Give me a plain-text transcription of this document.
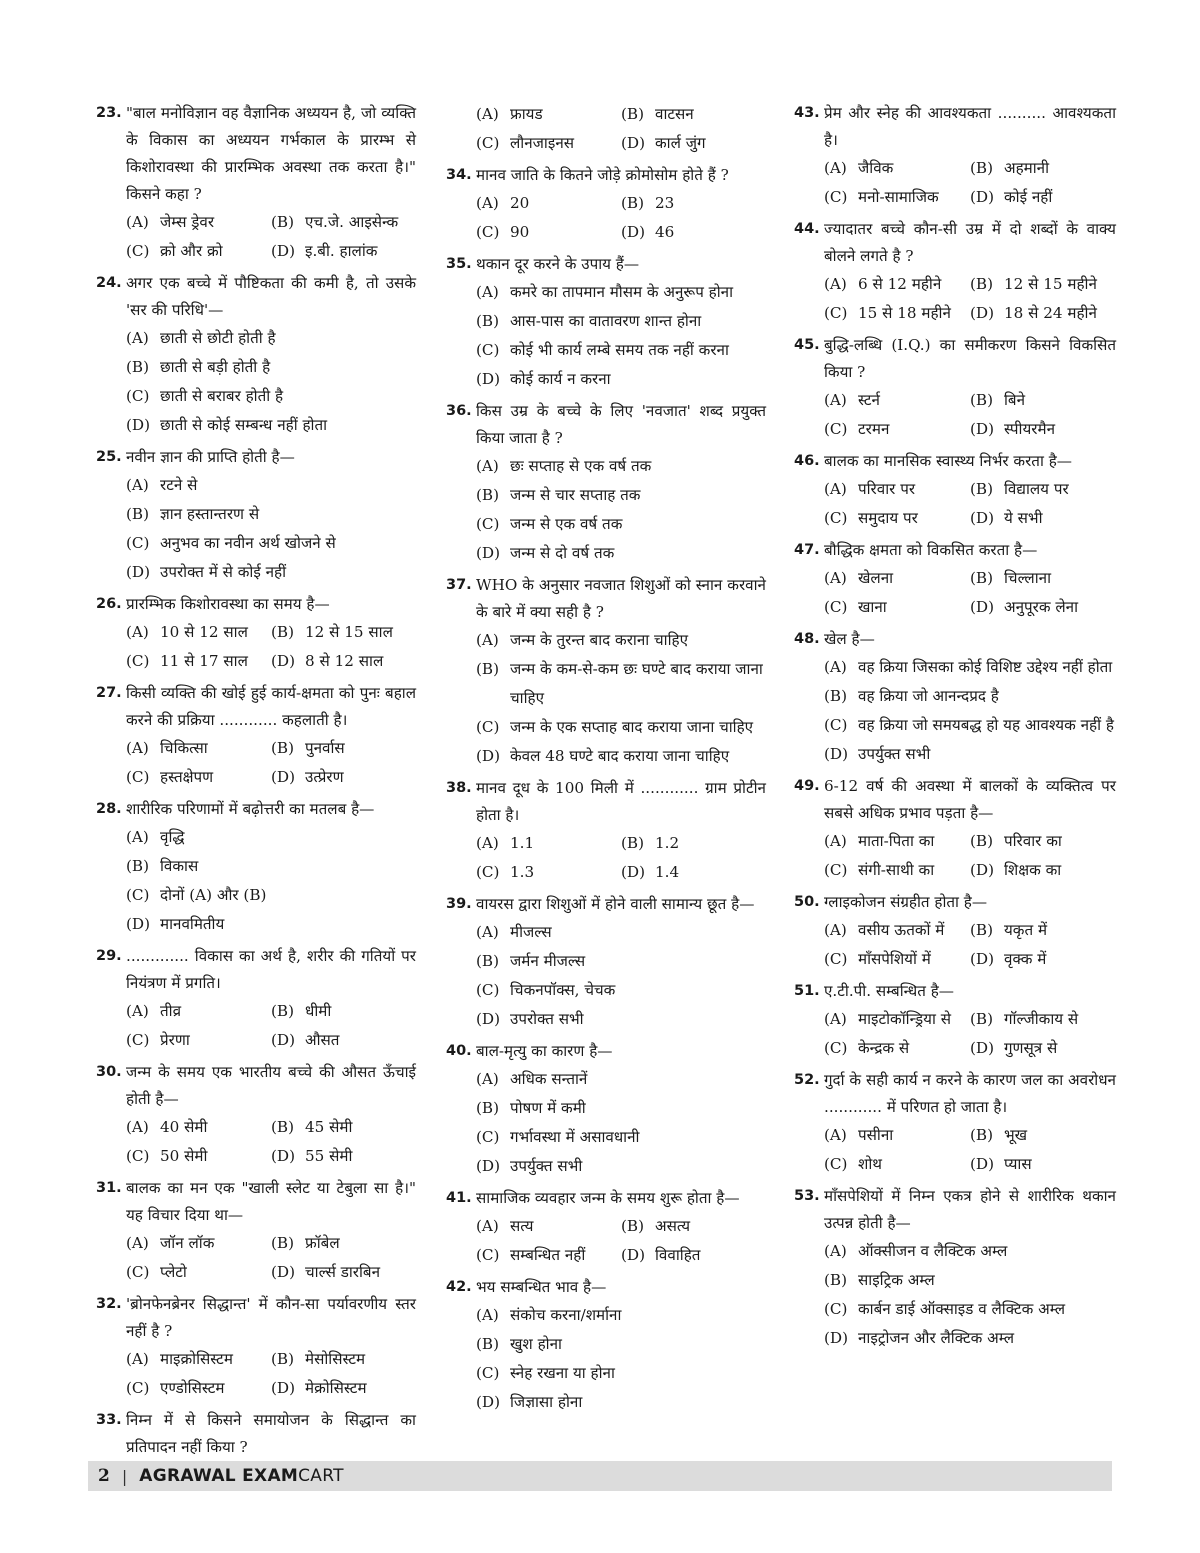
23. "बाल मनोविज्ञान वह वैज्ञानिक अध्ययन है, जो व्यक्ति के विकास का अध्ययन गर्भकाल के प्रारम्भ से किशोरावस्था की प्रारम्भिक अवस्था तक करता है।" किसने कहा ?
(A) जेम्स ड्रेवर	(B) एच.जे. आइसेन्क
(C) क्रो और क्रो	(D) इ.बी. हालांक
24. अगर एक बच्चे में पौष्टिकता की कमी है, तो उसके 'सर की परिधि'—
(A) छाती से छोटी होती है
(B) छाती से बड़ी होती है
(C) छाती से बराबर होती है
(D) छाती से कोई सम्बन्ध नहीं होता
25. नवीन ज्ञान की प्राप्ति होती है—
(A) रटने से
(B) ज्ञान हस्तान्तरण से
(C) अनुभव का नवीन अर्थ खोजने से
(D) उपरोक्त में से कोई नहीं
26. प्रारम्भिक किशोरावस्था का समय है—
(A) 10 से 12 साल	(B) 12 से 15 साल
(C) 11 से 17 साल	(D) 8 से 12 साल
27. किसी व्यक्ति की खोई हुई कार्य-क्षमता को पुनः बहाल करने की प्रक्रिया ............ कहलाती है।
(A) चिकित्सा	(B) पुनर्वास
(C) हस्तक्षेपण	(D) उत्प्रेरण
28. शारीरिक परिणामों में बढ़ोत्तरी का मतलब है—
(A) वृद्धि
(B) विकास
(C) दोनों (A) और (B)
(D) मानवमितीय
29. ............. विकास का अर्थ है, शरीर की गतियों पर नियंत्रण में प्रगति।
(A) तीव्र	(B) धीमी
(C) प्रेरणा	(D) औसत
30. जन्म के समय एक भारतीय बच्चे की औसत ऊँचाई होती है—
(A) 40 सेमी	(B) 45 सेमी
(C) 50 सेमी	(D) 55 सेमी
31. बालक का मन एक "खाली स्लेट या टेबुला सा है।" यह विचार दिया था—
(A) जॉन लॉक	(B) फ्रॉबेल
(C) प्लेटो	(D) चार्ल्स डारबिन
32. 'ब्रोनफेनब्रेनर सिद्धान्त' में कौन-सा पर्यावरणीय स्तर नहीं है ?
(A) माइक्रोसिस्टम	(B) मेसोसिस्टम
(C) एण्डोसिस्टम	(D) मेक्रोसिस्टम
33. निम्न में से किसने समायोजन के सिद्धान्त का प्रतिपादन नहीं किया ?
(A) फ्रायड	(B) वाटसन
(C) लौनजाइनस	(D) कार्ल जुंग
34. मानव जाति के कितने जोड़े क्रोमोसोम होते हैं ?
(A) 20	(B) 23
(C) 90	(D) 46
35. थकान दूर करने के उपाय हैं—
(A) कमरे का तापमान मौसम के अनुरूप होना
(B) आस-पास का वातावरण शान्त होना
(C) कोई भी कार्य लम्बे समय तक नहीं करना
(D) कोई कार्य न करना
36. किस उम्र के बच्चे के लिए 'नवजात' शब्द प्रयुक्त किया जाता है ?
(A) छः सप्ताह से एक वर्ष तक
(B) जन्म से चार सप्ताह तक
(C) जन्म से एक वर्ष तक
(D) जन्म से दो वर्ष तक
37. WHO के अनुसार नवजात शिशुओं को स्नान करवाने के बारे में क्या सही है ?
(A) जन्म के तुरन्त बाद कराना चाहिए
(B) जन्म के कम-से-कम छः घण्टे बाद कराया जाना चाहिए
(C) जन्म के एक सप्ताह बाद कराया जाना चाहिए
(D) केवल 48 घण्टे बाद कराया जाना चाहिए
38. मानव दूध के 100 मिली में ............ ग्राम प्रोटीन होता है।
(A) 1.1	(B) 1.2
(C) 1.3	(D) 1.4
39. वायरस द्वारा शिशुओं में होने वाली सामान्य छूत है—
(A) मीजल्स
(B) जर्मन मीजल्स
(C) चिकनपॉक्स, चेचक
(D) उपरोक्त सभी
40. बाल-मृत्यु का कारण है—
(A) अधिक सन्तानें
(B) पोषण में कमी
(C) गर्भावस्था में असावधानी
(D) उपर्युक्त सभी
41. सामाजिक व्यवहार जन्म के समय शुरू होता है—
(A) सत्य	(B) असत्य
(C) सम्बन्धित नहीं	(D) विवाहित
42. भय सम्बन्धित भाव है—
(A) संकोच करना/शर्माना
(B) खुश होना
(C) स्नेह रखना या होना
(D) जिज्ञासा होना
43. प्रेम और स्नेह की आवश्यकता .......... आवश्यकता है।
(A) जैविक	(B) अहमानी
(C) मनो-सामाजिक	(D) कोई नहीं
44. ज्यादातर बच्चे कौन-सी उम्र में दो शब्दों के वाक्य बोलने लगते है ?
(A) 6 से 12 महीने	(B) 12 से 15 महीने
(C) 15 से 18 महीने	(D) 18 से 24 महीने
45. बुद्धि-लब्धि (I.Q.) का समीकरण किसने विकसित किया ?
(A) स्टर्न	(B) बिने
(C) टरमन	(D) स्पीयरमैन
46. बालक का मानसिक स्वास्थ्य निर्भर करता है—
(A) परिवार पर	(B) विद्यालय पर
(C) समुदाय पर	(D) ये सभी
47. बौद्धिक क्षमता को विकसित करता है—
(A) खेलना	(B) चिल्लाना
(C) खाना	(D) अनुपूरक लेना
48. खेल है—
(A) वह क्रिया जिसका कोई विशिष्ट उद्देश्य नहीं होता
(B) वह क्रिया जो आनन्दप्रद है
(C) वह क्रिया जो समयबद्ध हो यह आवश्यक नहीं है
(D) उपर्युक्त सभी
49. 6-12 वर्ष की अवस्था में बालकों के व्यक्तित्व पर सबसे अधिक प्रभाव पड़ता है—
(A) माता-पिता का	(B) परिवार का
(C) संगी-साथी का	(D) शिक्षक का
50. ग्लाइकोजन संग्रहीत होता है—
(A) वसीय ऊतकों में	(B) यकृत में
(C) माँसपेशियों में	(D) वृक्क में
51. ए.टी.पी. सम्बन्धित है—
(A) माइटोकॉन्ड्रिया से	(B) गॉल्जीकाय से
(C) केन्द्रक से	(D) गुणसूत्र से
52. गुर्दा के सही कार्य न करने के कारण जल का अवरोधन ............ में परिणत हो जाता है।
(A) पसीना	(B) भूख
(C) शोथ	(D) प्यास
53. माँसपेशियों में निम्न एकत्र होने से शारीरिक थकान उत्पन्न होती है—
(A) ऑक्सीजन व लैक्टिक अम्ल
(B) साइट्रिक अम्ल
(C) कार्बन डाई ऑक्साइड व लैक्टिक अम्ल
(D) नाइट्रोजन और लैक्टिक अम्ल
2 | AGRAWAL EXAMCART
